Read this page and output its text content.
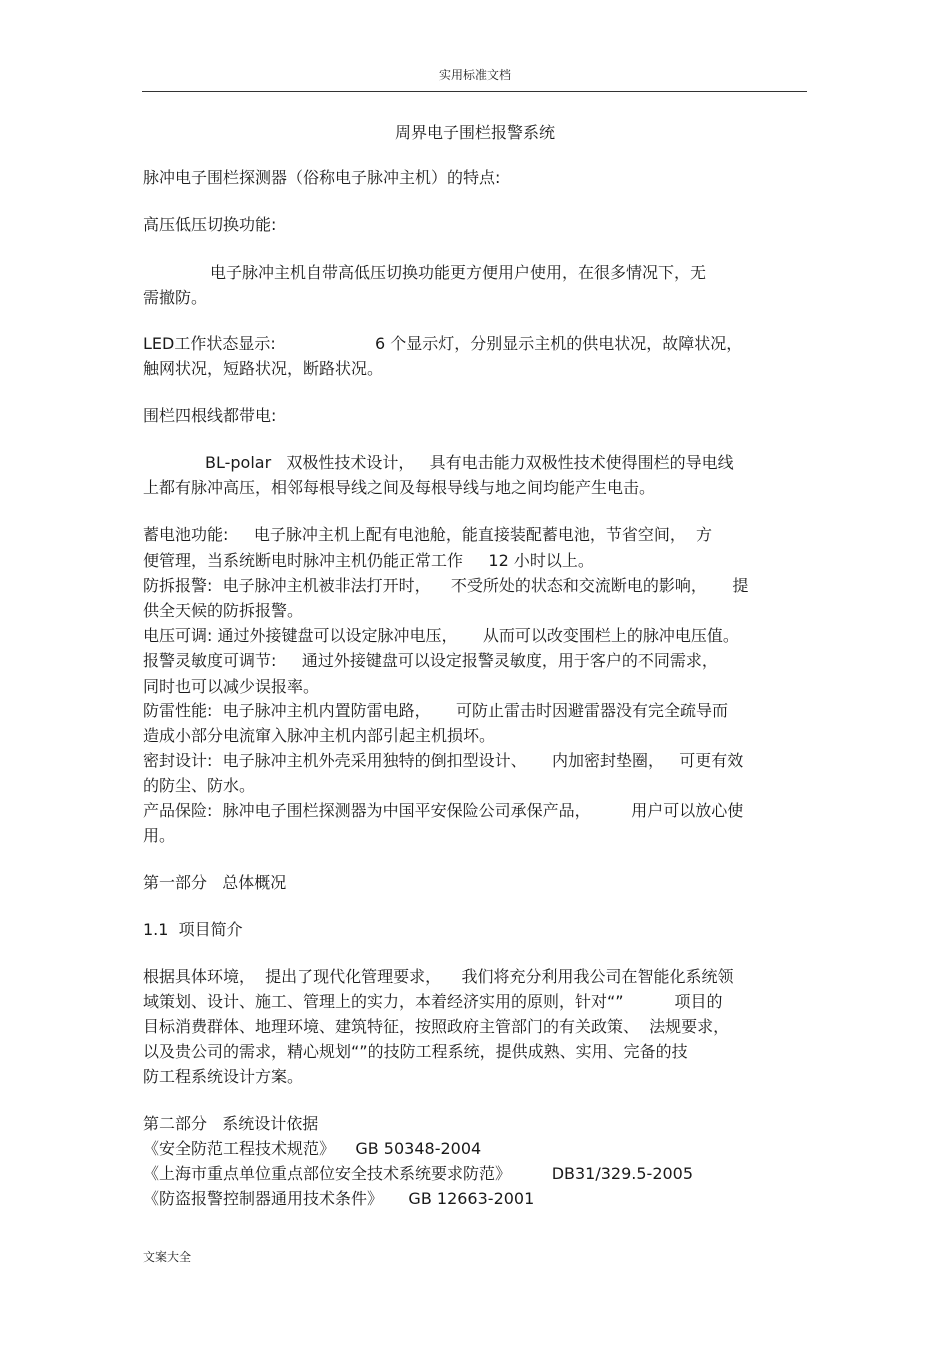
实用标准文档
周界电子围栏报警系统
脉冲电子围栏探测器（俗称电子脉冲主机）的特点:
高压低压切换功能:
电子脉冲主机自带高低压切换功能更方便用户使用，在很多情况下，无
需撤防。
LED工作状态显示:	6 个显示灯，分别显示主机的供电状况，故障状况，
触网状况，短路状况，断路状况。
围栏四根线都带电:
BL-polar   双极性技术设计，   具有电击能力双极性技术使得围栏的导电线
上都有脉冲高压，相邻每根导线之间及每根导线与地之间均能产生电击。
蓄电池功能:     电子脉冲主机上配有电池舱，能直接装配蓄电池，节省空间，  方
便管理，当系统断电时脉冲主机仍能正常工作     12 小时以上。
防拆报警:  电子脉冲主机被非法打开时，    不受所处的状态和交流断电的影响，     提
供全天候的防拆报警。
电压可调: 通过外接键盘可以设定脉冲电压，     从而可以改变围栏上的脉冲电压值。
报警灵敏度可调节:     通过外接键盘可以设定报警灵敏度，用于客户的不同需求，
同时也可以减少误报率。
防雷性能:  电子脉冲主机内置防雷电路，     可防止雷击时因避雷器没有完全疏导而
造成小部分电流窜入脉冲主机内部引起主机损坏。
密封设计:  电子脉冲主机外壳采用独特的倒扣型设计、     内加密封垫圈，   可更有效
的防尘、防水。
产品保险:  脉冲电子围栏探测器为中国平安保险公司承保产品，        用户可以放心使
用。
第一部分   总体概况
1.1  项目简介
根据具体环境，  提出了现代化管理要求，    我们将充分利用我公司在智能化系统领
域策划、设计、施工、管理上的实力，本着经济实用的原则，针对“”          项目的
目标消费群体、地理环境、建筑特征，按照政府主管部门的有关政策、  法规要求，
以及贵公司的需求，精心规划“”的技防工程系统，提供成熟、实用、完备的技
防工程系统设计方案。
第二部分   系统设计依据
《安全防范工程技术规范》    GB 50348-2004
《上海市重点单位重点部位安全技术系统要求防范》        DB31/329.5-2005
《防盗报警控制器通用技术条件》     GB 12663-2001
文案大全
